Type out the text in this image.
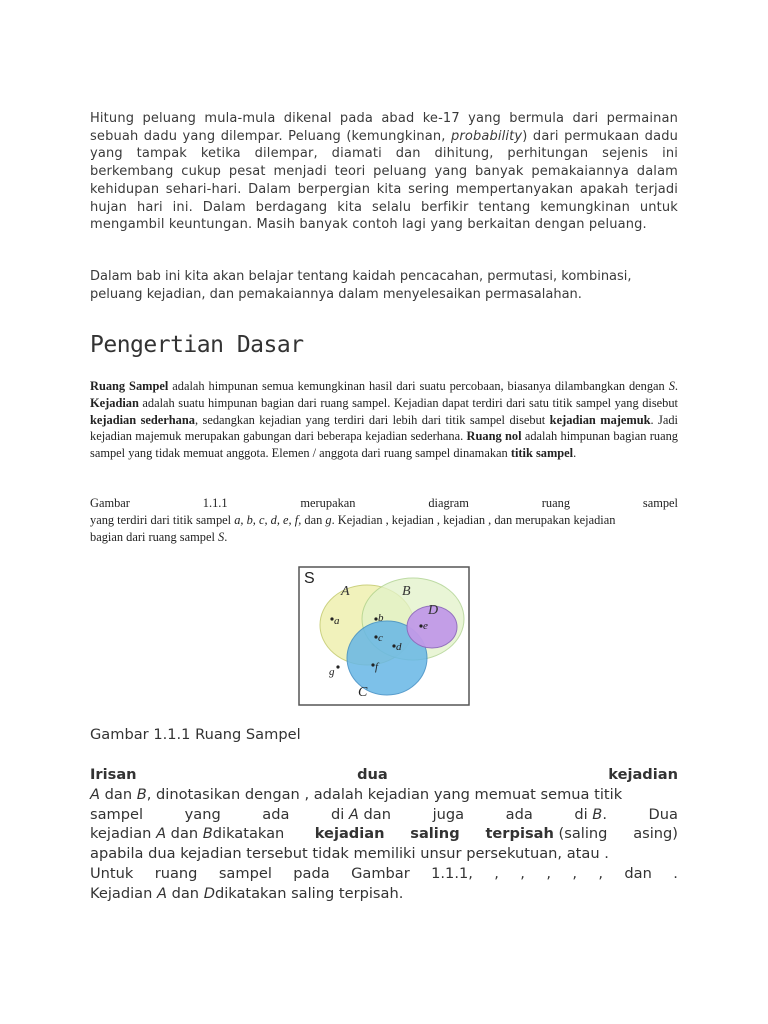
Hitung peluang mula-mula dikenal pada abad ke-17 yang bermula dari permainan sebuah dadu yang dilempar. Peluang (kemungkinan, probability) dari permukaan dadu yang tampak ketika dilempar, diamati dan dihitung, perhitungan sejenis ini berkembang cukup pesat menjadi teori peluang yang banyak pemakaiannya dalam kehidupan sehari-hari. Dalam berpergian kita sering mempertanyakan apakah terjadi hujan hari ini. Dalam berdagang kita selalu berfikir tentang kemungkinan untuk mengambil keuntungan. Masih banyak contoh lagi yang berkaitan dengan peluang.

Dalam bab ini kita akan belajar tentang kaidah pencacahan, permutasi, kombinasi, peluang kejadian, dan pemakaiannya dalam menyelesaikan permasalahan.

Pengertian Dasar

Ruang Sampel adalah himpunan semua kemungkinan hasil dari suatu percobaan, biasanya dilambangkan dengan S. Kejadian adalah suatu himpunan bagian dari ruang sampel. Kejadian dapat terdiri dari satu titik sampel yang disebut kejadian sederhana, sedangkan kejadian yang terdiri dari lebih dari titik sampel disebut kejadian majemuk. Jadi kejadian majemuk merupakan gabungan dari beberapa kejadian sederhana. Ruang nol adalah himpunan bagian ruang sampel yang tidak memuat anggota. Elemen / anggota dari ruang sampel dinamakan titik sampel.

Gambar	1.1.1	merupakan	diagram	ruang	sampel
yang terdiri dari titik sampel a, b, c, d, e, f, dan g. Kejadian , kejadian , kejadian , dan merupakan kejadian
bagian dari ruang sampel S.
S
A	B
D
C
a	b
c
d
e
f
g

Gambar 1.1.1 Ruang Sampel

Irisan	dua	kejadian
A dan B, dinotasikan dengan , adalah kejadian yang memuat semua titik
sampel	yang	ada	di A dan	juga	ada	di B.	Dua
kejadian A dan Bdikatakan kejadian saling terpisah (saling asing)
apabila dua kejadian tersebut tidak memiliki unsur persekutuan, atau .
Untuk ruang sampel pada Gambar 1.1.1, , , , , , dan .
Kejadian A dan Ddikatakan saling terpisah.
